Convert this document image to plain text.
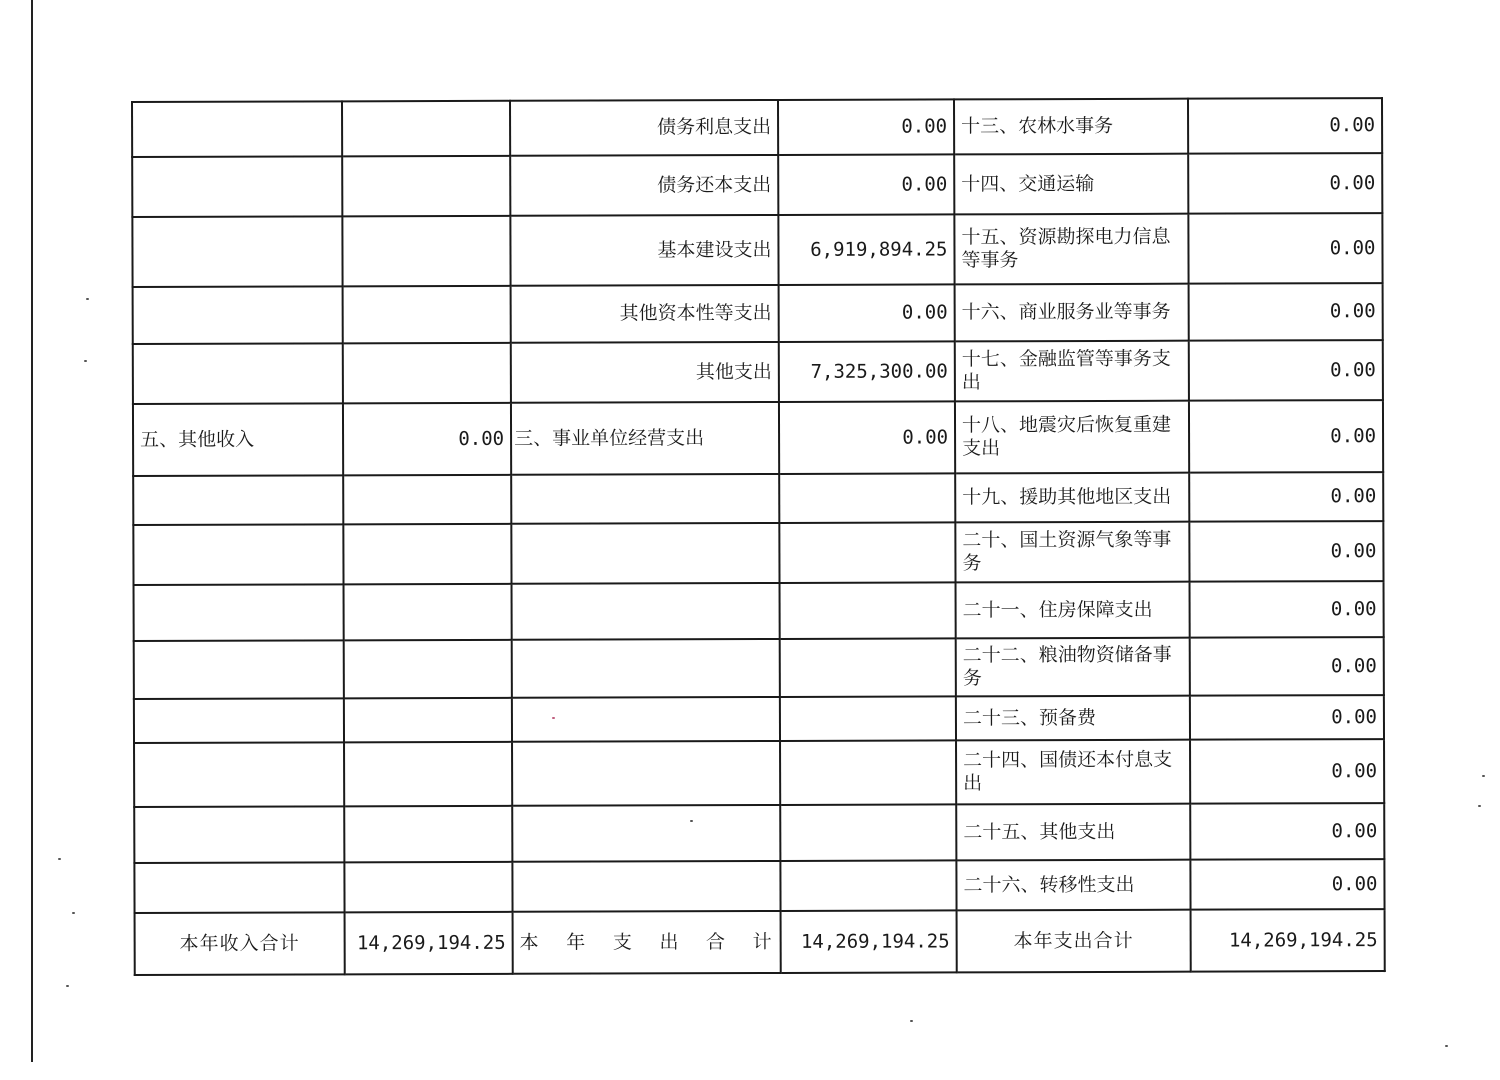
		债务利息支出	0.00	十三、农林水事务	0.00
		债务还本支出	0.00	十四、交通运输	0.00
		基本建设支出	6,919,894.25	十五、资源勘探电力信息等事务	0.00
		其他资本性等支出	0.00	十六、商业服务业等事务	0.00
		其他支出	7,325,300.00	十七、金融监管等事务支出	0.00
五、其他收入	0.00	三、事业单位经营支出	0.00	十八、地震灾后恢复重建支出	0.00
				十九、援助其他地区支出	0.00
				二十、国土资源气象等事务	0.00
				二十一、住房保障支出	0.00
				二十二、粮油物资储备事务	0.00
				二十三、预备费	0.00
				二十四、国债还本付息支出	0.00
				二十五、其他支出	0.00
				二十六、转移性支出	0.00
本年收入合计	14,269,194.25	本年支出合计	14,269,194.25	本年支出合计	14,269,194.25
